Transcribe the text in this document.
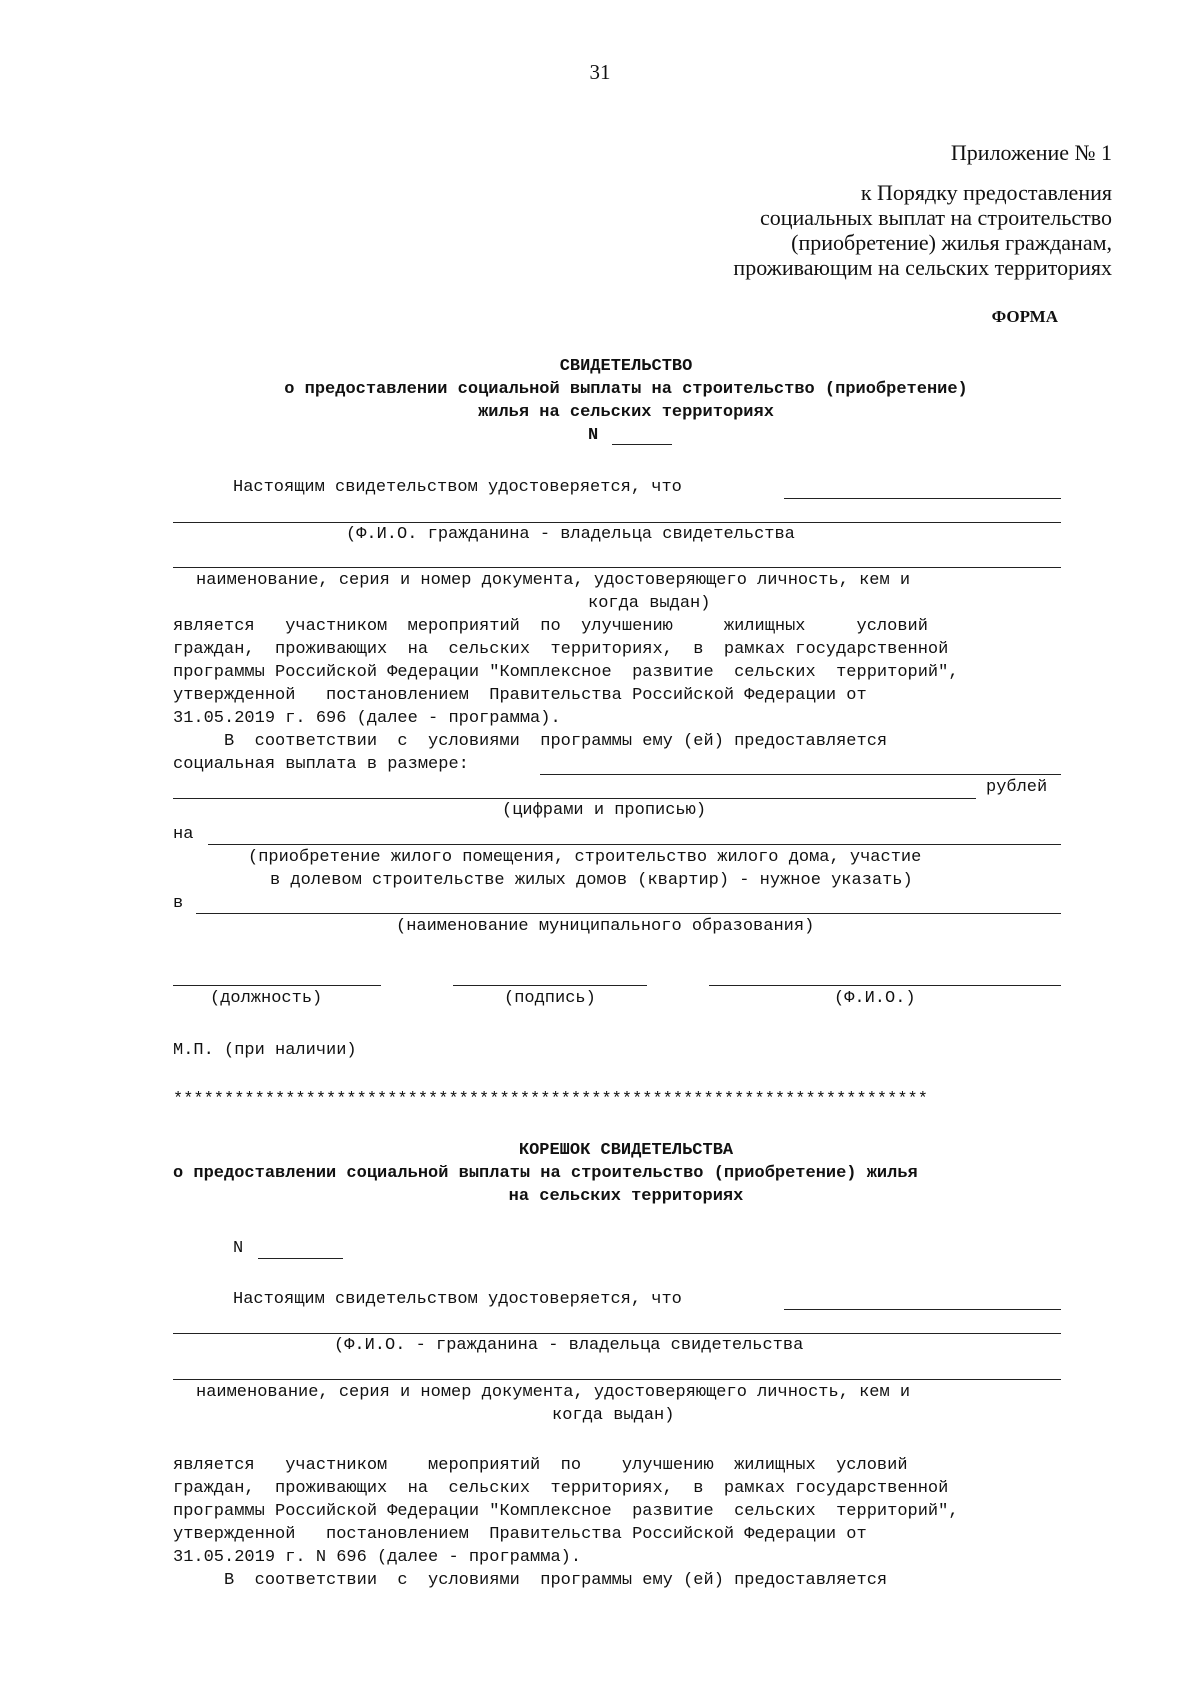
31
Приложение № 1
к Порядку предоставления
социальных выплат на строительство
(приобретение) жилья гражданам,
проживающим на сельских территориях
ФОРМА
СВИДЕТЕЛЬСТВО
о предоставлении социальной выплаты на строительство (приобретение)
жилья на сельских территориях
N
Настоящим свидетельством удостоверяется, что
(Ф.И.О. гражданина - владельца свидетельства
наименование, серия и номер документа, удостоверяющего личность, кем и
когда выдан)
является   участником  мероприятий  по  улучшению     жилищных     условий
граждан,  проживающих  на  сельских  территориях,  в  рамках государственной
программы Российской Федерации "Комплексное  развитие  сельских  территорий",
утвержденной   постановлением  Правительства Российской Федерации от
31.05.2019 г. 696 (далее - программа).
В  соответствии  с  условиями  программы ему (ей) предоставляется
социальная выплата в размере:
рублей
(цифрами и прописью)
на
(приобретение жилого помещения, строительство жилого дома, участие
в долевом строительстве жилых домов (квартир) - нужное указать)
в
(наименование муниципального образования)
(должность)	(подпись)	(Ф.И.О.)
М.П. (при наличии)
**************************************************************************
КОРЕШОК СВИДЕТЕЛЬСТВА
о предоставлении социальной выплаты на строительство (приобретение) жилья
на сельских территориях
N
Настоящим свидетельством удостоверяется, что
(Ф.И.О. - гражданина - владельца свидетельства
наименование, серия и номер документа, удостоверяющего личность, кем и
когда выдан)
является   участником    мероприятий  по    улучшению  жилищных  условий
граждан,  проживающих  на  сельских  территориях,  в  рамках государственной
программы Российской Федерации "Комплексное  развитие  сельских  территорий",
утвержденной   постановлением  Правительства Российской Федерации от
31.05.2019 г. N 696 (далее - программа).
В  соответствии  с  условиями  программы ему (ей) предоставляется
